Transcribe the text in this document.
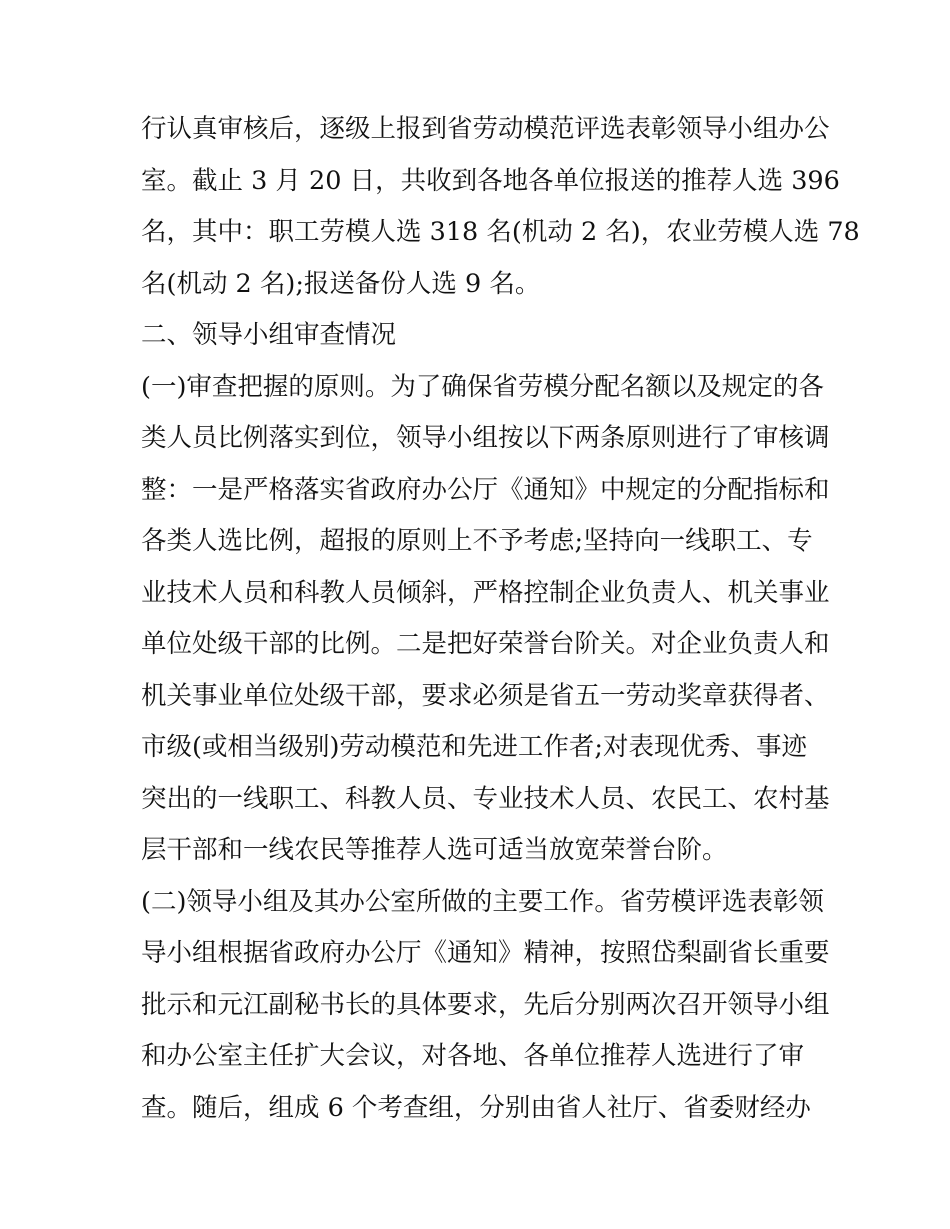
行认真审核后，逐级上报到省劳动模范评选表彰领导小组办公
室。截止 3 月 20 日，共收到各地各单位报送的推荐人选 396
名，其中：职工劳模人选 318 名(机动 2 名)，农业劳模人选 78
名(机动 2 名);报送备份人选 9 名。
二、领导小组审查情况
(一)审查把握的原则。为了确保省劳模分配名额以及规定的各
类人员比例落实到位，领导小组按以下两条原则进行了审核调
整：一是严格落实省政府办公厅《通知》中规定的分配指标和
各类人选比例，超报的原则上不予考虑;坚持向一线职工、专
业技术人员和科教人员倾斜，严格控制企业负责人、机关事业
单位处级干部的比例。二是把好荣誉台阶关。对企业负责人和
机关事业单位处级干部，要求必须是省五一劳动奖章获得者、
市级(或相当级别)劳动模范和先进工作者;对表现优秀、事迹
突出的一线职工、科教人员、专业技术人员、农民工、农村基
层干部和一线农民等推荐人选可适当放宽荣誉台阶。
(二)领导小组及其办公室所做的主要工作。省劳模评选表彰领
导小组根据省政府办公厅《通知》精神，按照岱梨副省长重要
批示和元江副秘书长的具体要求，先后分别两次召开领导小组
和办公室主任扩大会议，对各地、各单位推荐人选进行了审
查。随后，组成 6 个考查组，分别由省人社厅、省委财经办
